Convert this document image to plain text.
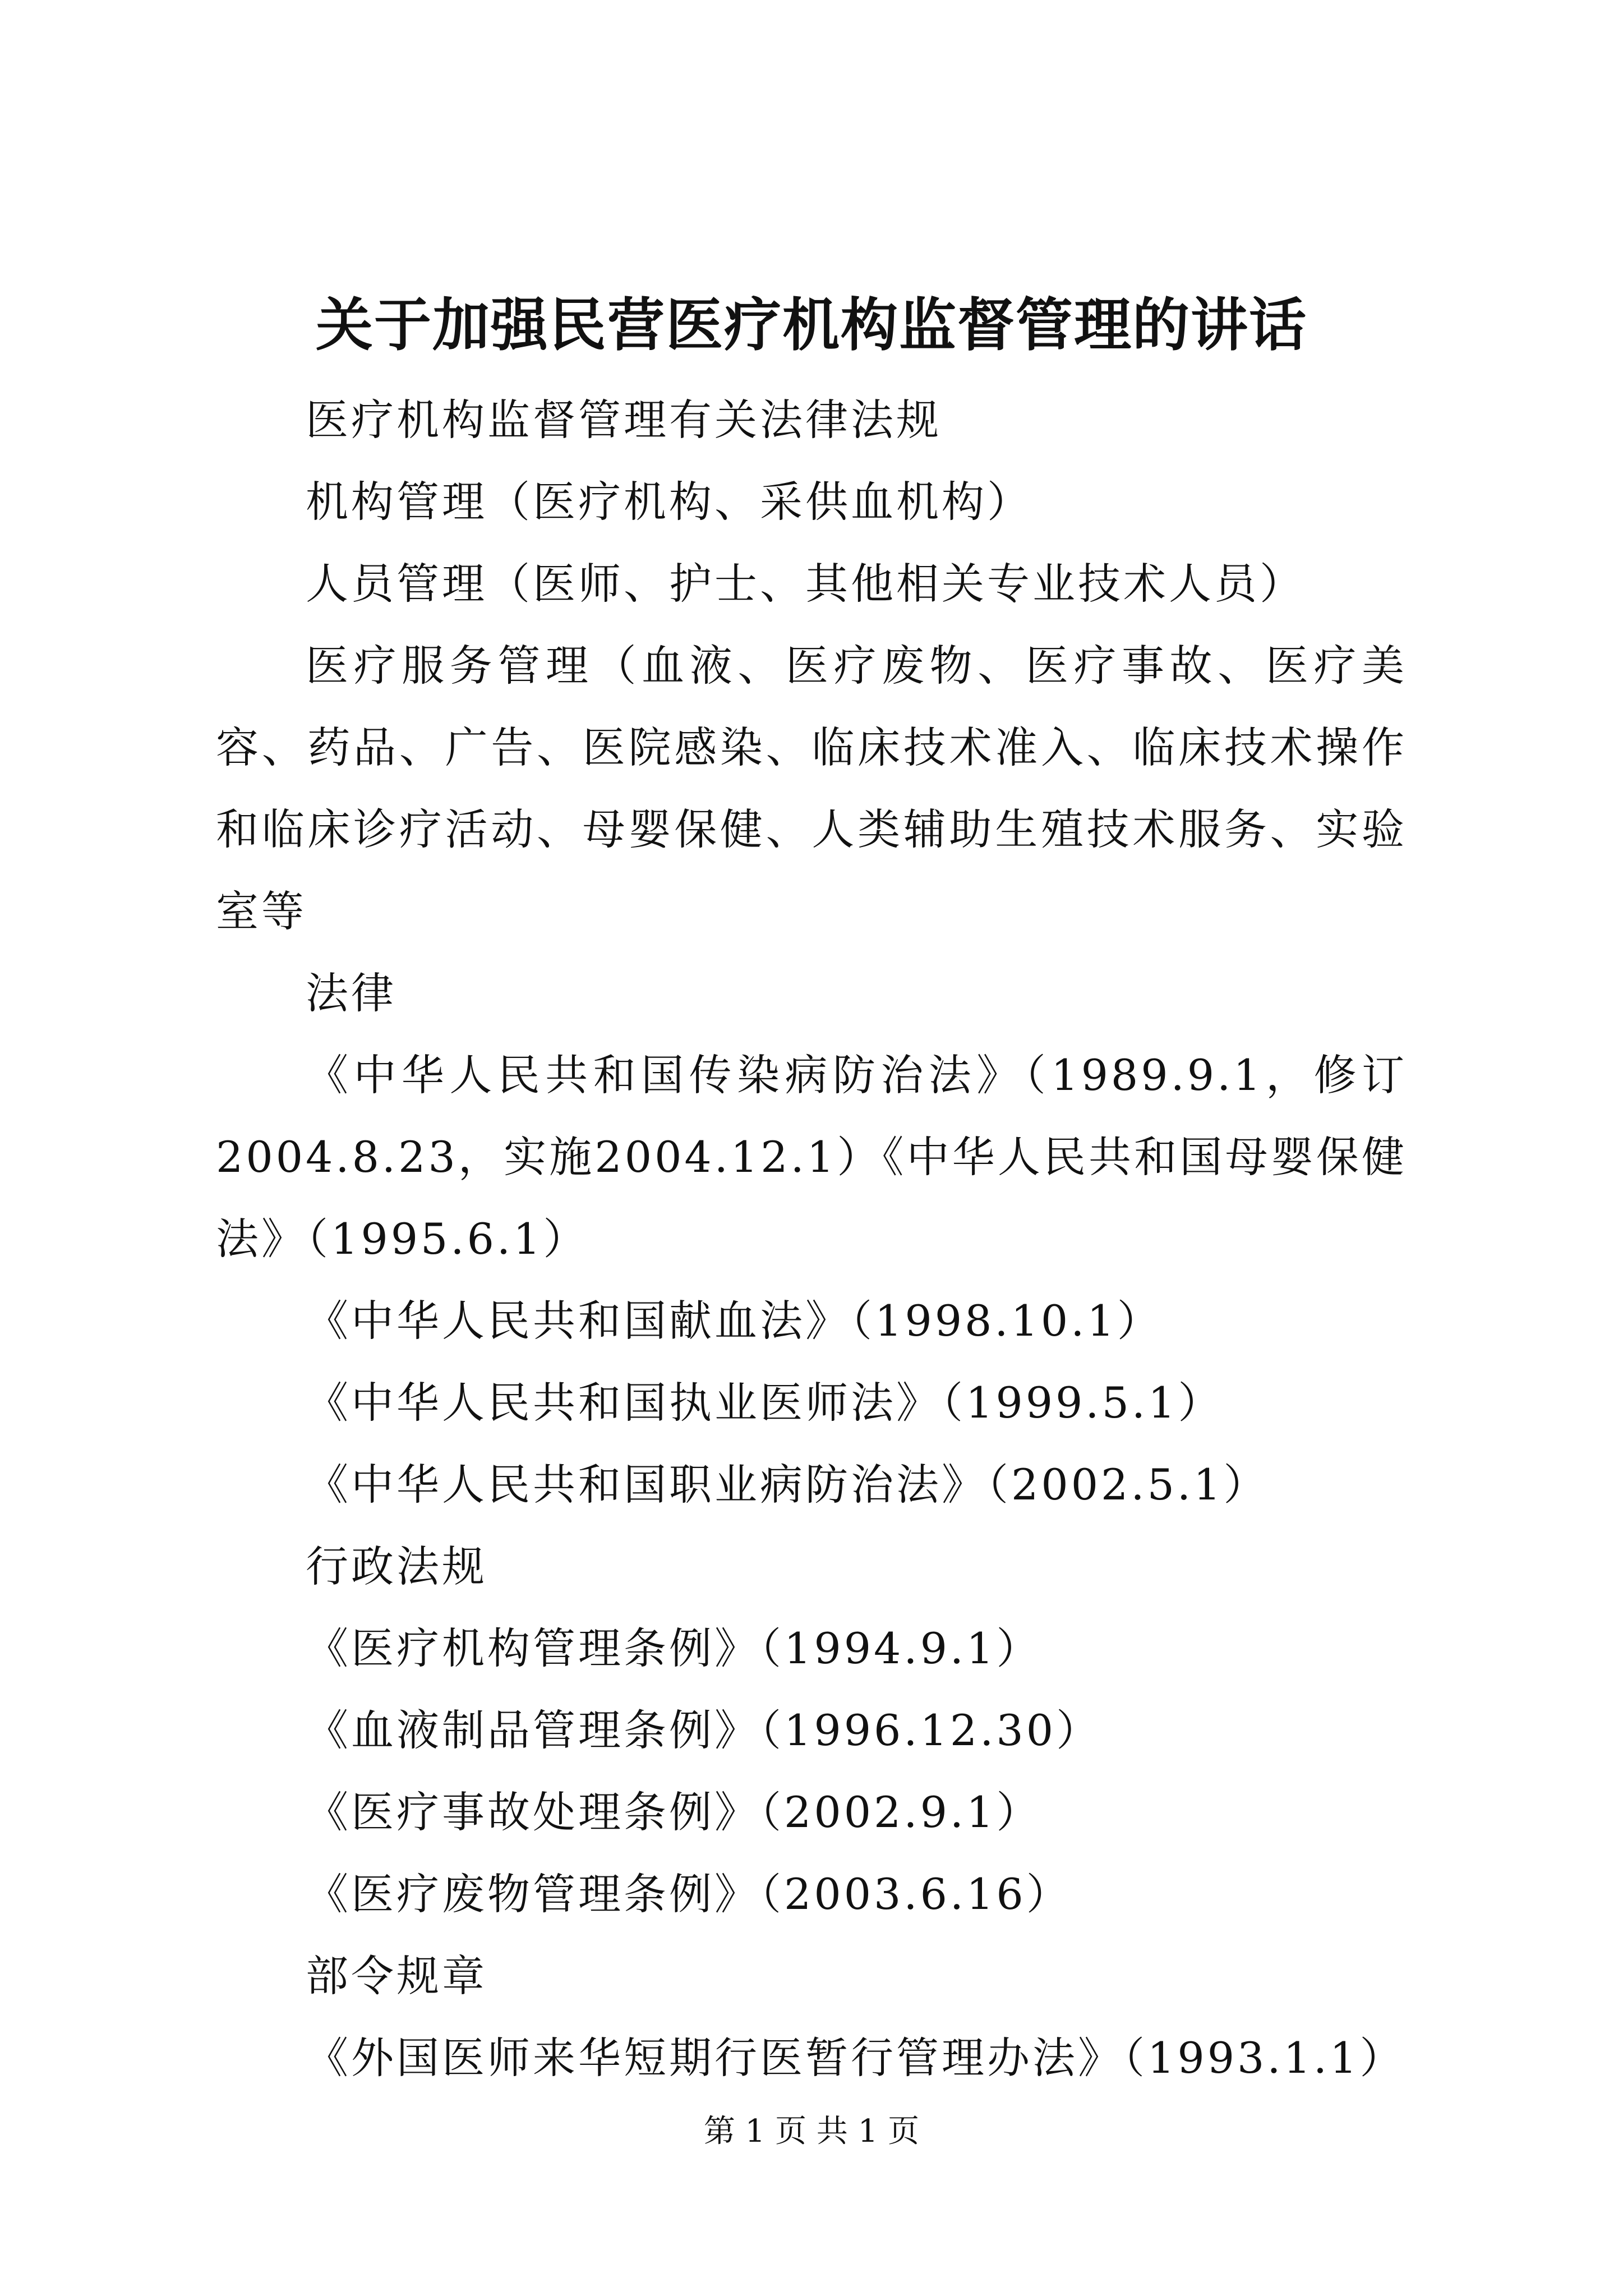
关于加强民营医疗机构监督管理的讲话

医疗机构监督管理有关法律法规

机构管理（医疗机构、采供血机构）

人员管理（医师、护士、其他相关专业技术人员）

医疗服务管理（血液、医疗废物、医疗事故、医疗美容、药品、广告、医院感染、临床技术准入、临床技术操作和临床诊疗活动、母婴保健、人类辅助生殖技术服务、实验室等

法律

《中华人民共和国传染病防治法》（1989.9.1，修订2004.8.23，实施2004.12.1）《中华人民共和国母婴保健法》（1995.6.1）

《中华人民共和国献血法》（1998.10.1）

《中华人民共和国执业医师法》（1999.5.1）

《中华人民共和国职业病防治法》（2002.5.1）

行政法规

《医疗机构管理条例》（1994.9.1）

《血液制品管理条例》（1996.12.30）

《医疗事故处理条例》（2002.9.1）

《医疗废物管理条例》（2003.6.16）

部令规章

《外国医师来华短期行医暂行管理办法》（1993.1.1）

第 1 页 共 1 页
